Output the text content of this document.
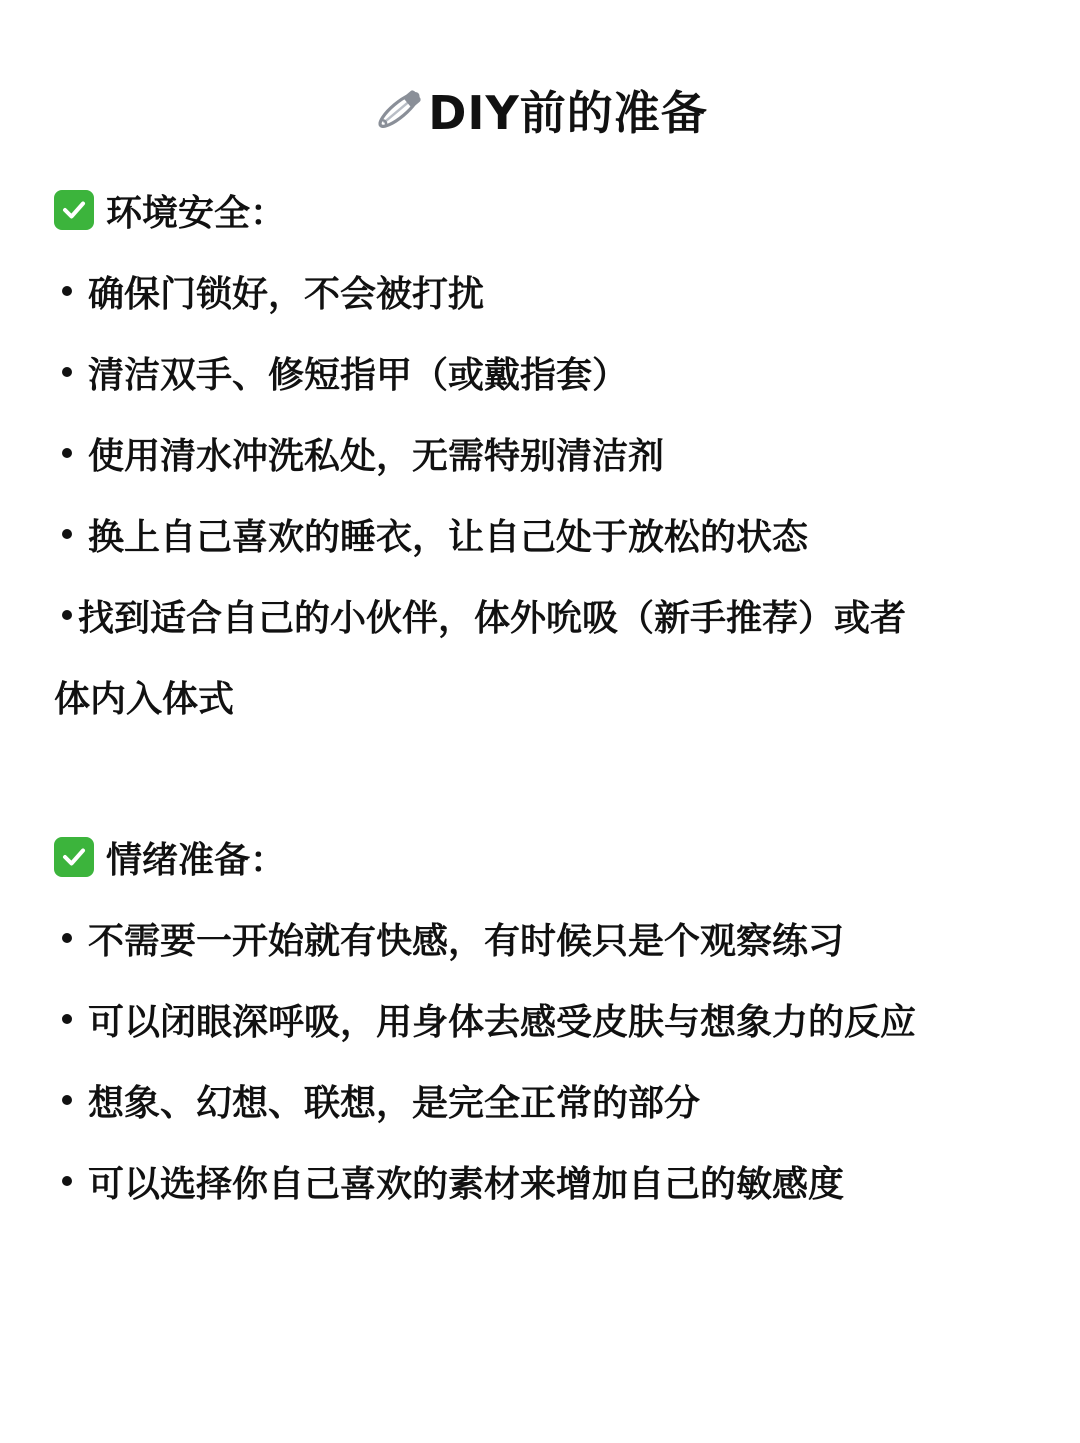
DIY前的准备
环境安全：
确保门锁好，不会被打扰
清洁双手、修短指甲（或戴指套）
使用清水冲洗私处，无需特别清洁剂
换上自己喜欢的睡衣，让自己处于放松的状态
找到适合自己的小伙伴，体外吮吸（新手推荐）或者
体内入体式
情绪准备：
不需要一开始就有快感，有时候只是个观察练习
可以闭眼深呼吸，用身体去感受皮肤与想象力的反应
想象、幻想、联想，是完全正常的部分
可以选择你自己喜欢的素材来增加自己的敏感度
